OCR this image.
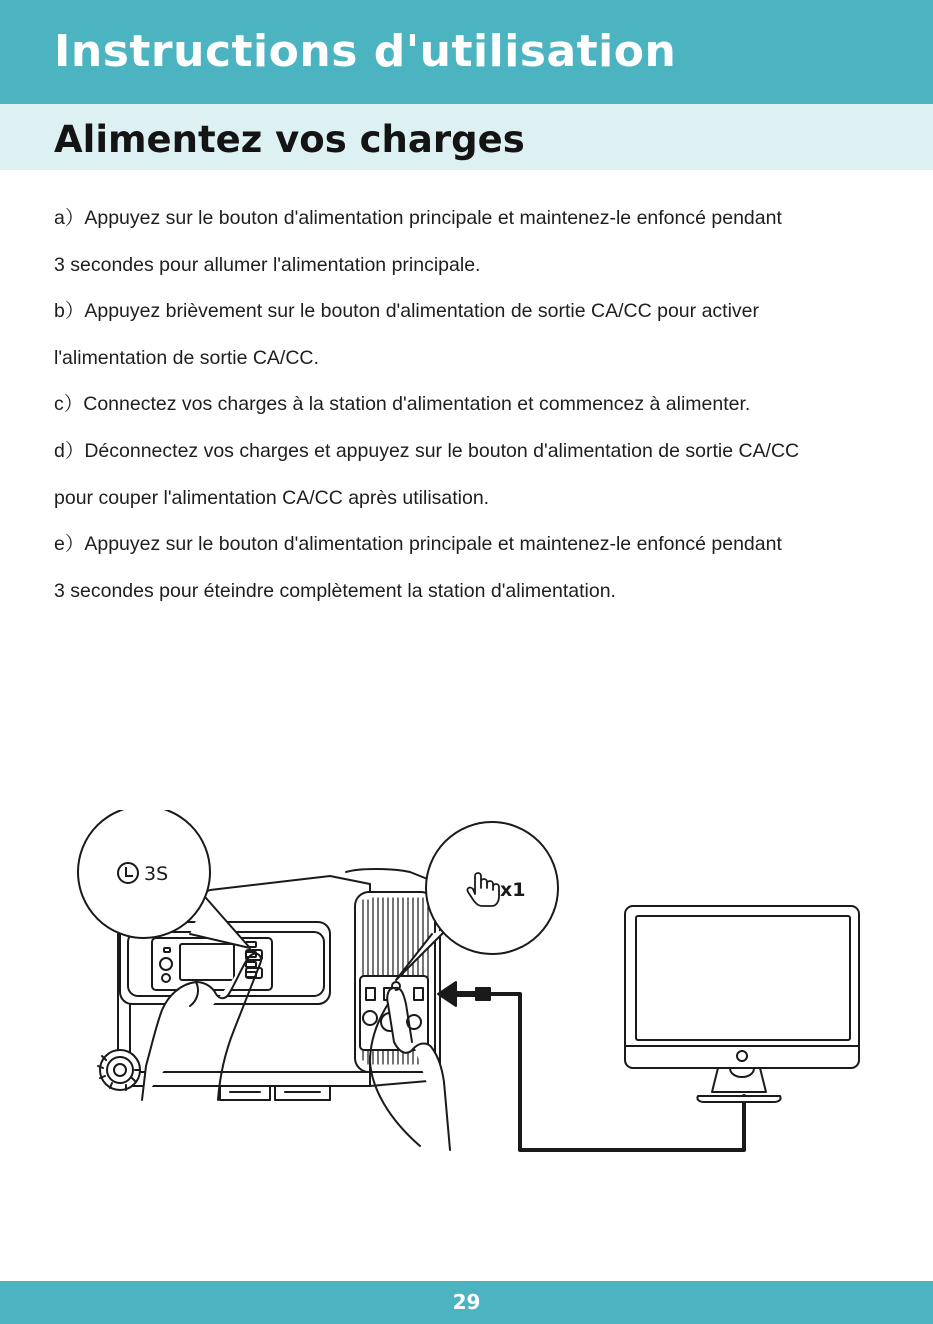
Instructions d'utilisation
Alimentez vos charges
a）Appuyez sur le bouton d'alimentation principale et maintenez-le enfoncé pendant
3 secondes pour allumer l'alimentation principale.
b）Appuyez brièvement sur le bouton d'alimentation de sortie CA/CC pour activer
l'alimentation de sortie CA/CC.
c）Connectez vos charges à la station d'alimentation et commencez à alimenter.
d）Déconnectez vos charges et appuyez sur le bouton d'alimentation de sortie CA/CC
pour couper l'alimentation CA/CC après utilisation.
e）Appuyez sur le bouton d'alimentation principale et maintenez-le enfoncé pendant
3 secondes pour éteindre complètement la station d'alimentation.
3S
x1
29
